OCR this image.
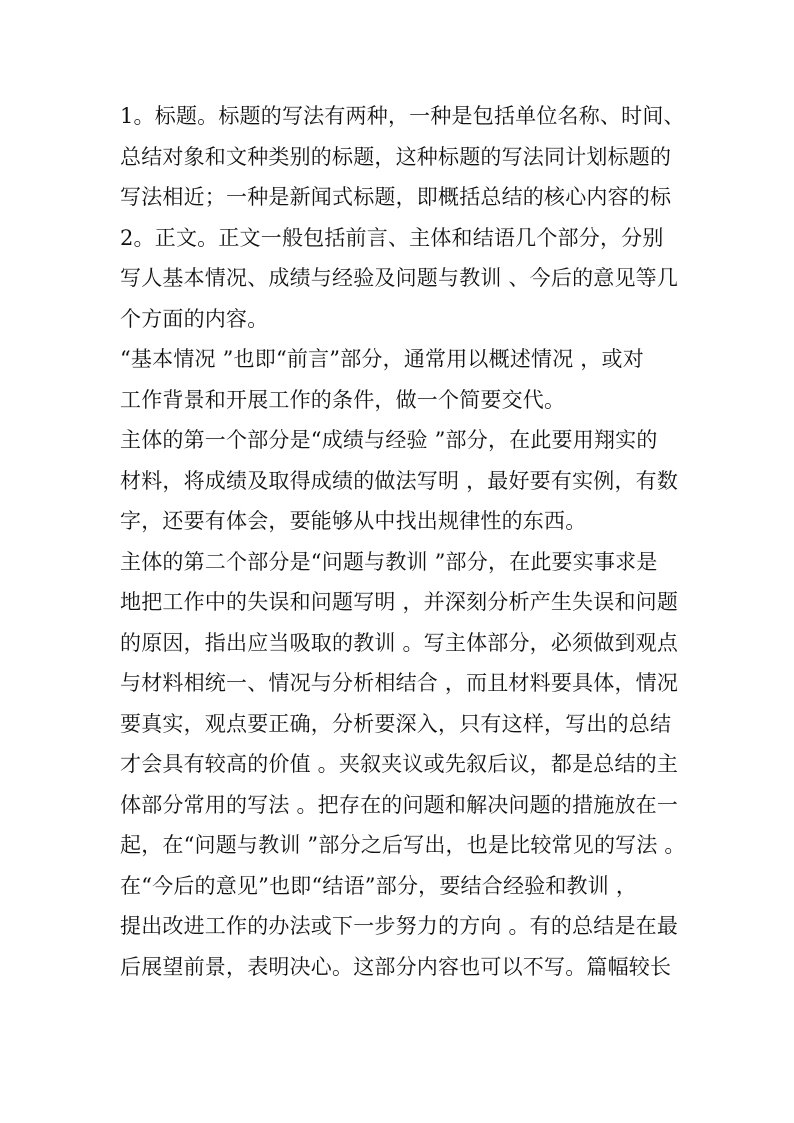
1。标题。标题的写法有两种，一种是包括单位名称、时间、
总结对象和文种类别的标题，这种标题的写法同计划标题的
写法相近；一种是新闻式标题，即概括总结的核心内容的标
2。正文。正文一般包括前言、主体和结语几个部分，分别
写人基本情况、成绩与经验及问题与教训 、今后的意见等几
个方面的内容。
“基本情况 ”也即“前言”部分，通常用以概述情况 ，或对
工作背景和开展工作的条件，做一个简要交代。
主体的第一个部分是“成绩与经验 ”部分，在此要用翔实的
材料，将成绩及取得成绩的做法写明 ，最好要有实例，有数
字，还要有体会，要能够从中找出规律性的东西。
主体的第二个部分是“问题与教训 ”部分，在此要实事求是
地把工作中的失误和问题写明 ，并深刻分析产生失误和问题
的原因，指出应当吸取的教训 。写主体部分，必须做到观点
与材料相统一、情况与分析相结合 ，而且材料要具体，情况
要真实，观点要正确，分析要深入，只有这样，写出的总结
才会具有较高的价值 。夹叙夹议或先叙后议，都是总结的主
体部分常用的写法 。把存在的问题和解决问题的措施放在一
起，在“问题与教训 ”部分之后写出，也是比较常见的写法 。
在“今后的意见”也即“结语”部分，要结合经验和教训 ，
提出改进工作的办法或下一步努力的方向 。有的总结是在最
后展望前景，表明决心。这部分内容也可以不写。篇幅较长
